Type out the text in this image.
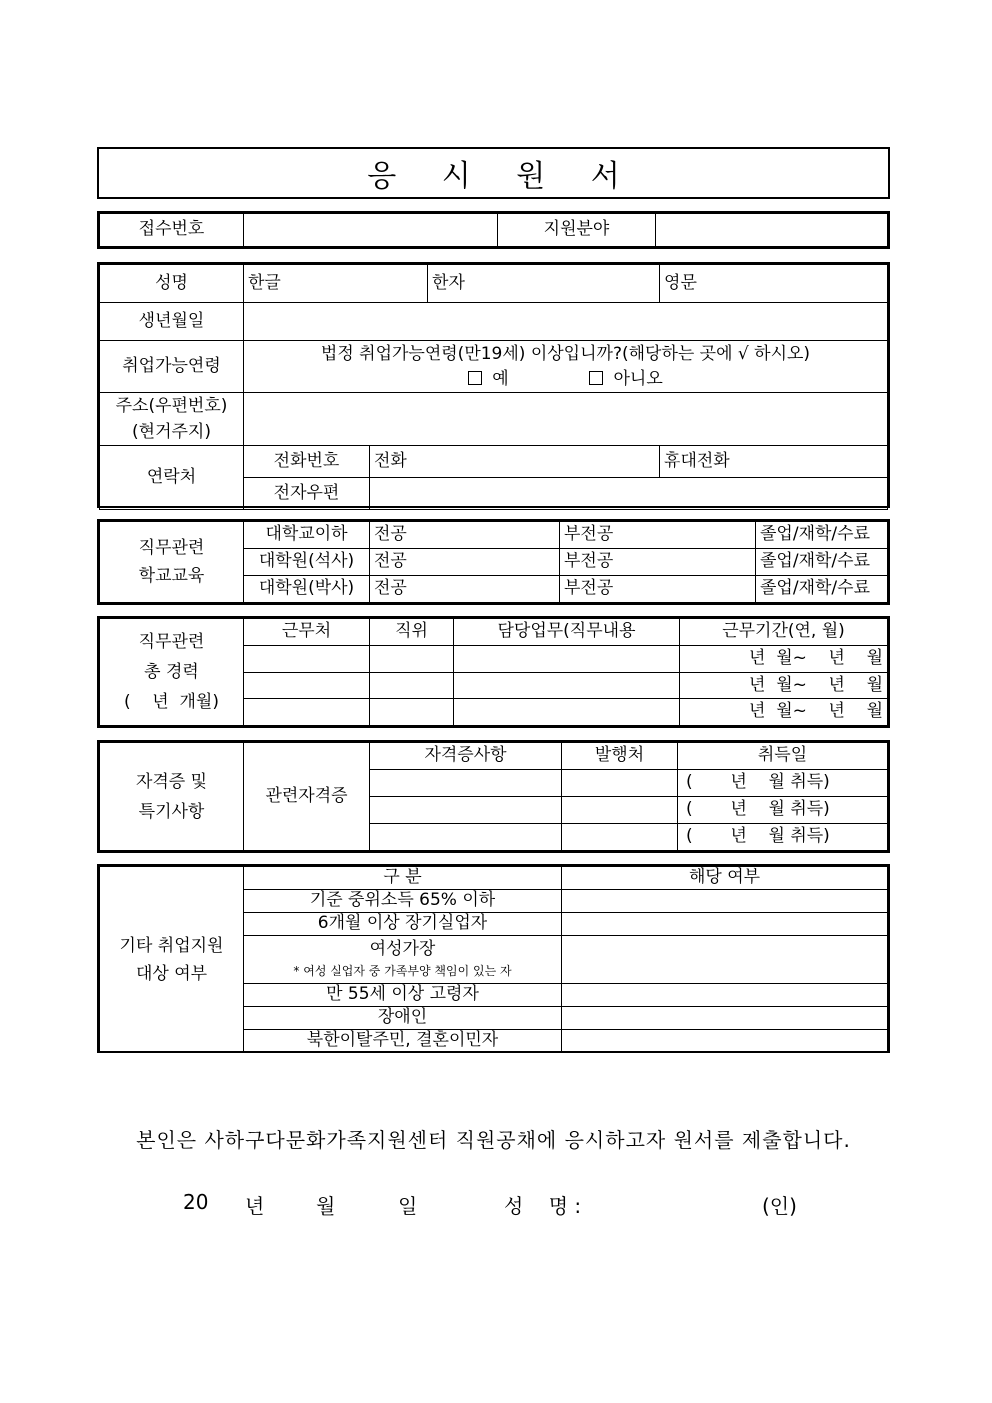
응 시 원 서
접수번호		지원분야	
성명	한글		한자	영문
생년월일				
취업가능연령	법정 취업가능연령(만19세) 이상입니까?(해당하는 곳에 √ 하시오)
예 아니오			

주소(우편번호)
(현거주지)				

연락처	전화번호	전화		휴대전화
	전자우편			
직무관련
학교교육	대학교이하	전공	부전공	졸업/재학/수료
	대학원(석사)	전공	부전공	졸업/재학/수료
	대학원(박사)	전공	부전공	졸업/재학/수료
직무관련
총 경력
(    년  개월)	근무처	직위	담당업무(직무내용	근무기간(연, 월)
				년  월~    년    월
				년  월~    년    월
				년  월~    년    월
자격증 및
특기사항	관련자격증	자격증사항	발행처	취득일
				(       년    월 취득)
				(       년    월 취득)
				(       년    월 취득)
기타 취업지원
대상 여부	구 분	해당 여부
	기준 중위소득 65% 이하	
	6개월 이상 장기실업자	

	여성가장
* 여성 실업자 중 가족부양 책임이 있는 자	

	만 55세 이상 고령자	
	장애인	
	북한이탈주민, 결혼이민자	
본인은 사하구다문화가족지원센터 직원공채에 응시하고자 원서를 제출합니다.
20 년	월	일	성    명 :	(인)
